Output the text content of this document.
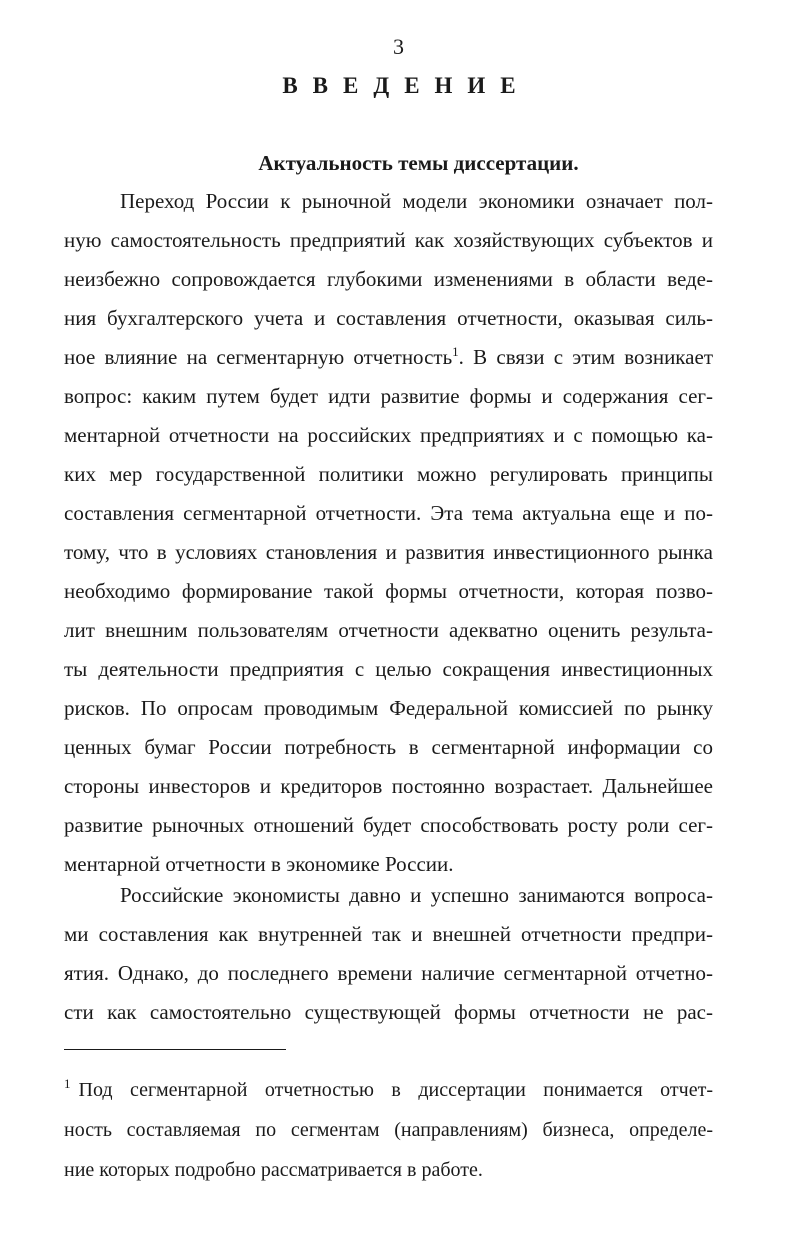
3
ВВЕДЕНИЕ
Актуальность темы диссертации.
Переход России к рыночной модели экономики означает пол-
ную самостоятельность предприятий как хозяйствующих субъектов и
неизбежно сопровождается глубокими изменениями в области веде-
ния бухгалтерского учета и составления отчетности, оказывая силь-
ное влияние на сегментарную отчетность$^1$. В связи с этим возникает
вопрос: каким путем будет идти развитие формы и содержания сег-
ментарной отчетности на российских предприятиях и с помощью ка-
ких мер государственной политики можно регулировать принципы
составления сегментарной отчетности. Эта тема актуальна еще и по-
тому, что в условиях становления и развития инвестиционного рынка
необходимо формирование такой формы отчетности, которая позво-
лит внешним пользователям отчетности адекватно оценить результа-
ты деятельности предприятия с целью сокращения инвестиционных
рисков. По опросам проводимым Федеральной комиссией по рынку
ценных бумаг России потребность в сегментарной информации со
стороны инвесторов и кредиторов постоянно возрастает. Дальнейшее
развитие рыночных отношений будет способствовать росту роли сег-
ментарной отчетности в экономике России.
Российские экономисты давно и успешно занимаются вопроса-
ми составления как внутренней так и внешней отчетности предпри-
ятия. Однако, до последнего времени наличие сегментарной отчетно-
сти как самостоятельно существующей формы отчетности не рас-
$^1$ Под сегментарной отчетностью в диссертации понимается отчет-
ность составляемая по сегментам (направлениям) бизнеса, определе-
ние которых подробно рассматривается в работе.
